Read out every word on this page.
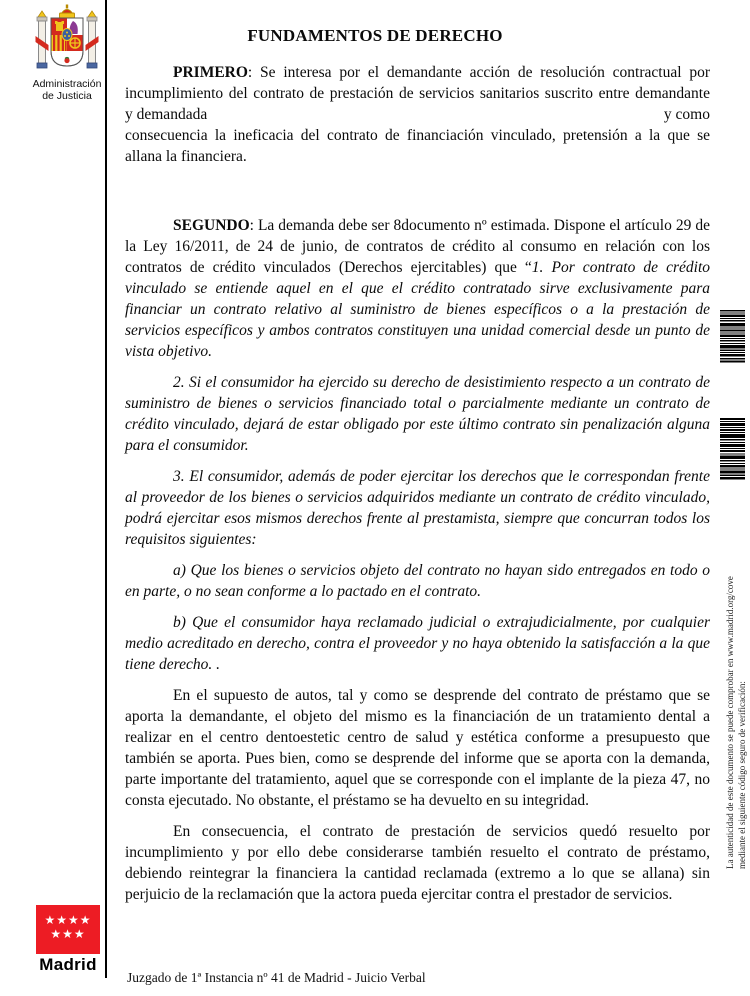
Administración
de Justicia
FUNDAMENTOS DE DERECHO

PRIMERO: Se interesa por el demandante acción de resolución contractual por incumplimiento del contrato de prestación de servicios sanitarios suscrito entre demandante

y demandada	y como

consecuencia la ineficacia del contrato de financiación vinculado, pretensión a la que se allana la financiera.

SEGUNDO: La demanda debe ser 8documento nº estimada. Dispone el artículo 29 de la Ley 16/2011, de 24 de junio, de contratos de crédito al consumo en relación con los contratos de crédito vinculados (Derechos ejercitables) que “1. Por contrato de crédito vinculado se entiende aquel en el que el crédito contratado sirve exclusivamente para financiar un contrato relativo al suministro de bienes específicos o a la prestación de servicios específicos y ambos contratos constituyen una unidad comercial desde un punto de vista objetivo.

2. Si el consumidor ha ejercido su derecho de desistimiento respecto a un contrato de suministro de bienes o servicios financiado total o parcialmente mediante un contrato de crédito vinculado, dejará de estar obligado por este último contrato sin penalización alguna para el consumidor.

3. El consumidor, además de poder ejercitar los derechos que le correspondan frente al proveedor de los bienes o servicios adquiridos mediante un contrato de crédito vinculado, podrá ejercitar esos mismos derechos frente al prestamista, siempre que concurran todos los requisitos siguientes:

a) Que los bienes o servicios objeto del contrato no hayan sido entregados en todo o en parte, o no sean conforme a lo pactado en el contrato.

b) Que el consumidor haya reclamado judicial o extrajudicialmente, por cualquier medio acreditado en derecho, contra el proveedor y no haya obtenido la satisfacción a la que tiene derecho. .

En el supuesto de autos, tal y como se desprende del contrato de préstamo que se aporta la demandante, el objeto del mismo es la financiación de un tratamiento dental a realizar en el centro dentoestetic centro de salud y estética conforme a presupuesto que también se aporta. Pues bien, como se desprende del informe que se aporta con la demanda, parte importante del tratamiento, aquel que se corresponde con el implante de la pieza 47, no consta ejecutado. No obstante, el préstamo se ha devuelto en su integridad.

En consecuencia, el contrato de prestación de servicios quedó resuelto por incumplimiento y por ello debe considerarse también resuelto el contrato de préstamo, debiendo reintegrar la financiera la cantidad reclamada (extremo a lo que se allana) sin perjuicio de la reclamación que la actora pueda ejercitar contra el prestador de servicios.

La autenticidad de este documento se puede comprobar en www.madrid.org/cove mediante el siguiente código seguro de verificación:
★★★★
★★★
Madrid
Juzgado de 1ª Instancia nº 41 de Madrid - Juicio Verbal
